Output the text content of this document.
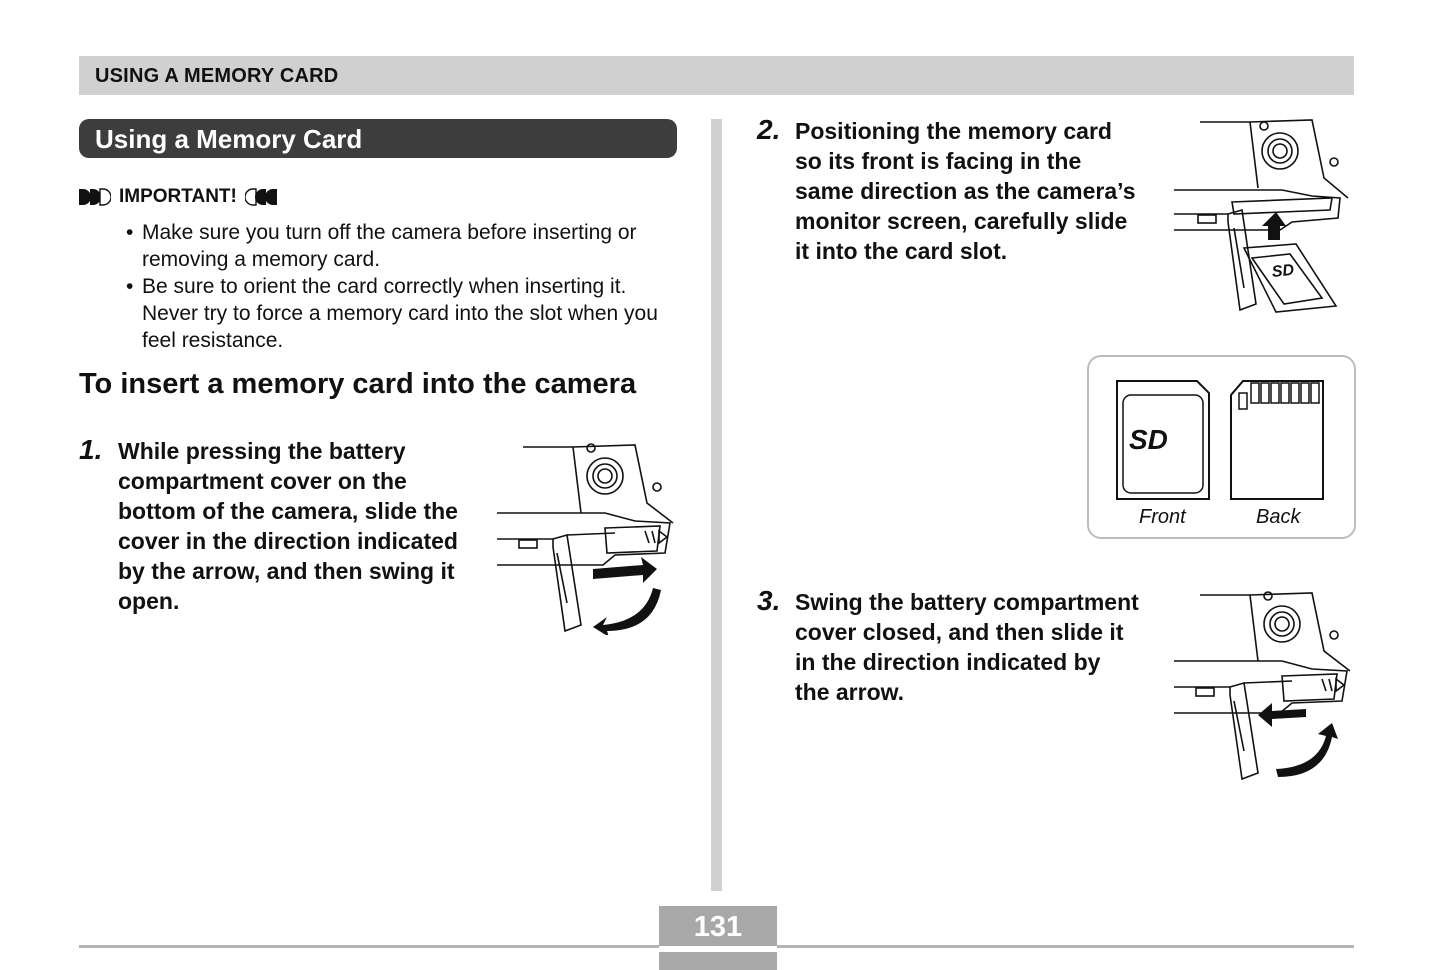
USING A MEMORY CARD
Using a Memory Card
IMPORTANT!
• Make sure you turn off the camera before inserting or removing a memory card.
• Be sure to orient the card correctly when inserting it. Never try to force a memory card into the slot when you feel resistance.
To insert a memory card into the camera
1. While pressing the battery compartment cover on the bottom of the camera, slide the cover in the direction indicated by the arrow, and then swing it open.
2. Positioning the memory card so its front is facing in the same direction as the camera’s monitor screen, carefully slide it into the card slot.
SD
SD
Front	Back
3. Swing the battery compartment cover closed, and then slide it in the direction indicated by the arrow.
131
